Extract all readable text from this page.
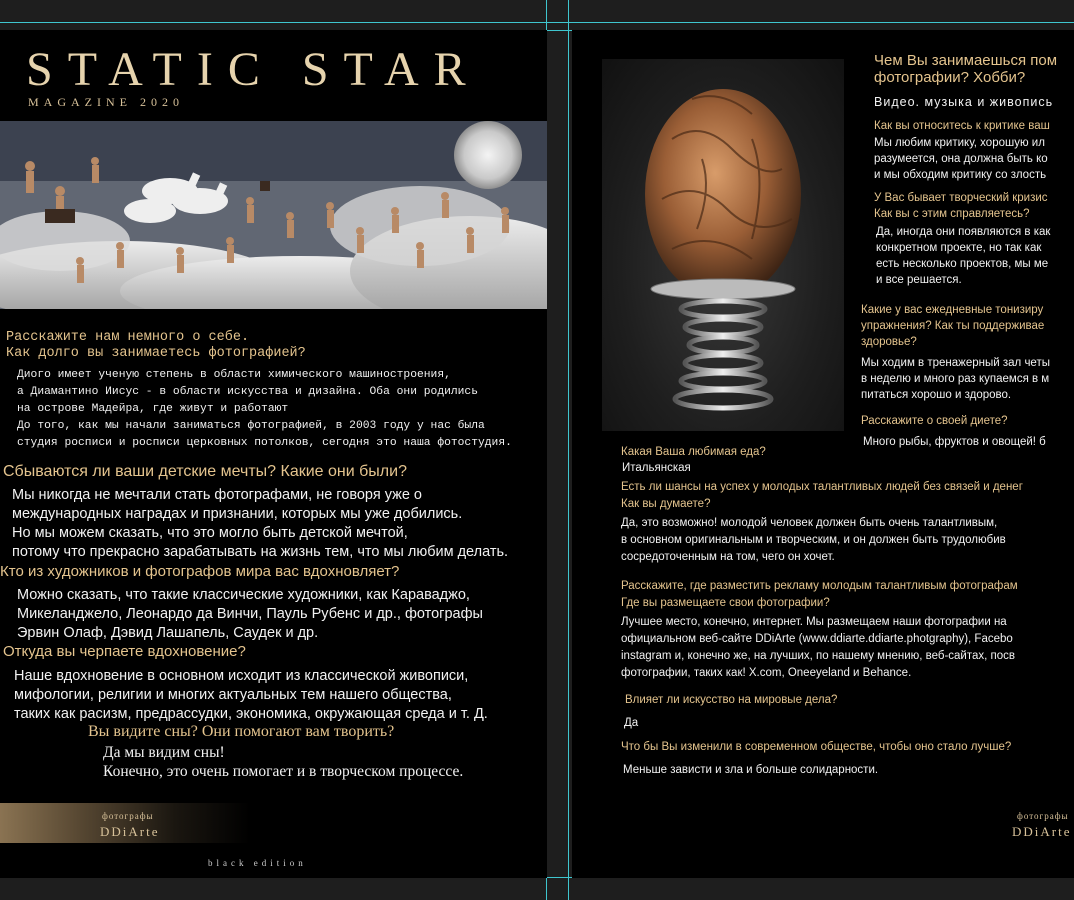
STATIC STAR
MAGAZINE 2020
Расскажите нам немного о себе.
Как долго вы занимаетесь фотографией?
Диого имеет ученую степень в области химического машиностроения,
а Диамантино Иисус - в области искусства и дизайна. Оба они родились
на острове Мадейра, где живут и работают
До того, как мы начали заниматься фотографией, в 2003 году у нас была
студия росписи и росписи церковных потолков, сегодня это наша фотостудия.
Сбываются ли ваши детские мечты? Какие они были?
Мы никогда не мечтали стать фотографами, не говоря уже о
международных наградах и признании, которых мы уже добились.
Но мы можем сказать, что это могло быть детской мечтой,
потому что прекрасно зарабатывать на жизнь тем, что мы любим делать.
Кто из художников и фотографов мира вас вдохновляет?
Можно сказать, что такие классические художники, как Караваджо,
Микеланджело, Леонардо да Винчи, Пауль Рубенс и др., фотографы
Эрвин Олаф, Дэвид Лашапель, Саудек и др.
Откуда вы черпаете вдохновение?
Наше вдохновение в основном исходит из классической живописи,
мифологии, религии и многих актуальных тем нашего общества,
таких как расизм, предрассудки, экономика, окружающая среда и т. Д.
Вы видите сны? Они помогают вам творить?
Да мы видим сны!
Конечно, это очень помогает и в творческом процессе.
фотографы
DDiArte
black edition
Чем Вы занимаешься пом
фотографии? Хобби?
Видео. музыка и живопись
Как вы относитесь к критике ваш
Мы любим критику, хорошую ил
разумеется, она должна быть ко
и мы обходим критику со злость
У Вас бывает творческий кризис
Как вы с этим справляетесь?
Да, иногда они появляются в как
конкретном проекте, но так как
есть несколько проектов, мы ме
и все решается.
Какие у вас ежедневные тонизиру
упражнения? Как ты поддерживае
здоровье?
Мы ходим в тренажерный зал четы
в неделю и много раз купаемся в м
питаться хорошо и здорово.
Расскажите о своей диете?
Много рыбы, фруктов и овощей! б
Какая Ваша любимая еда?
Итальянская
Есть ли шансы на успех у молодых талантливых людей без связей и денег
Как вы думаете?
Да, это возможно! молодой человек должен быть очень талантливым,
в основном оригинальным и творческим, и он должен быть трудолюбив
сосредоточенным на том, чего он хочет.
Расскажите, где разместить рекламу молодым талантливым фотографам
Где вы размещаете свои фотографии?
Лучшее место, конечно, интернет. Мы размещаем наши фотографии на
официальном веб-сайте DDiArte (www.ddiarte.ddiarte.photgraphy), Facebo
instagram и, конечно же, на лучших, по нашему мнению, веб-сайтах, посв
фотографии, таких как! X.com, Oneeyeland и Behance.
Влияет ли искусство на мировые дела?
Да
Что бы Вы изменили в современном обществе, чтобы оно стало лучше?
Меньше зависти и зла и больше солидарности.
фотографы
DDiArte
